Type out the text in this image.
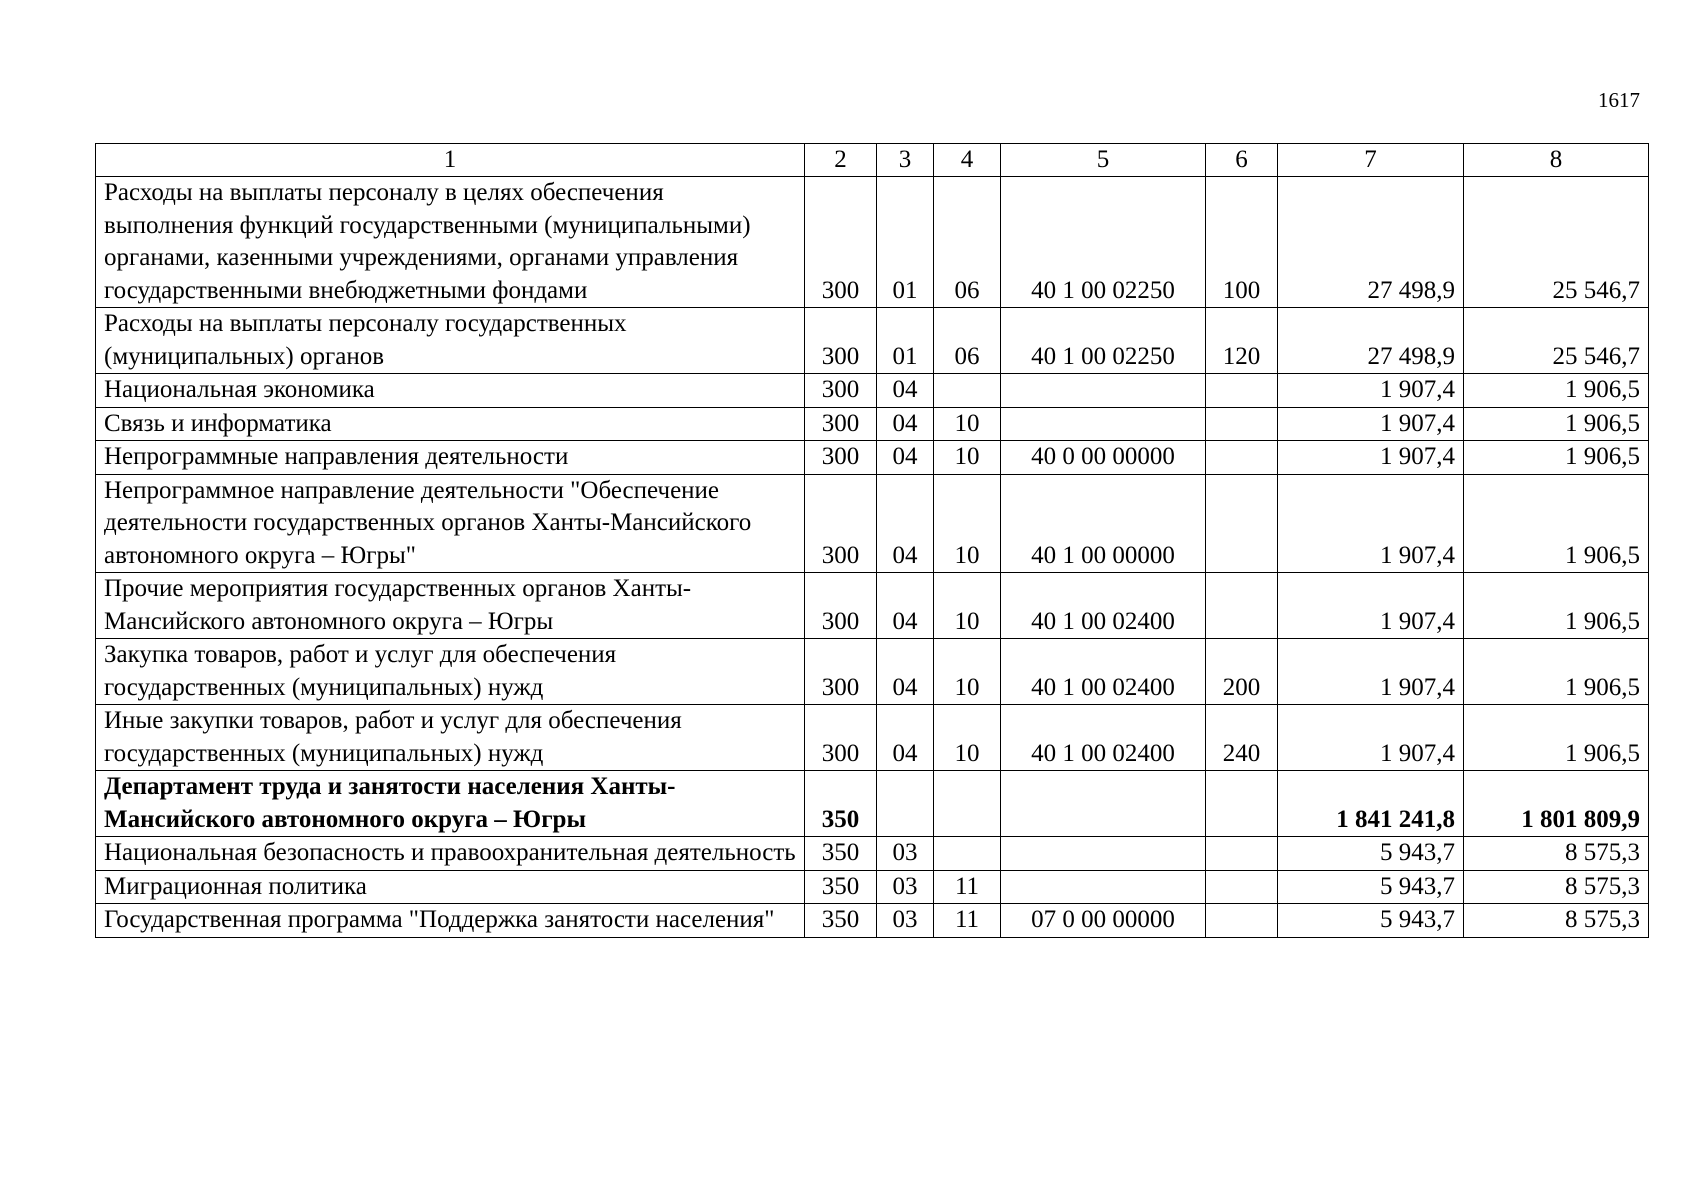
1617
1	2	3	4	5	6	7	8
Расходы на выплаты персоналу в целях обеспечения выполнения функций государственными (муниципальными) органами, казенными учреждениями, органами управления государственными внебюджетными фондами	300	01	06	40 1 00 02250	100	27 498,9	25 546,7
Расходы на выплаты персоналу государственных (муниципальных) органов	300	01	06	40 1 00 02250	120	27 498,9	25 546,7
Национальная экономика	300	04				1 907,4	1 906,5
Связь и информатика	300	04	10			1 907,4	1 906,5
Непрограммные направления деятельности	300	04	10	40 0 00 00000		1 907,4	1 906,5
Непрограммное направление деятельности "Обеспечение деятельности государственных органов Ханты-Мансийского автономного округа – Югры"	300	04	10	40 1 00 00000		1 907,4	1 906,5
Прочие мероприятия государственных органов Ханты-Мансийского автономного округа – Югры	300	04	10	40 1 00 02400		1 907,4	1 906,5
Закупка товаров, работ и услуг для обеспечения государственных (муниципальных) нужд	300	04	10	40 1 00 02400	200	1 907,4	1 906,5
Иные закупки товаров, работ и услуг для обеспечения государственных (муниципальных) нужд	300	04	10	40 1 00 02400	240	1 907,4	1 906,5
Департамент труда и занятости населения Ханты-Мансийского автономного округа – Югры	350					1 841 241,8	1 801 809,9
Национальная безопасность и правоохранительная деятельность	350	03				5 943,7	8 575,3
Миграционная политика	350	03	11			5 943,7	8 575,3
Государственная программа "Поддержка занятости населения"	350	03	11	07 0 00 00000		5 943,7	8 575,3
